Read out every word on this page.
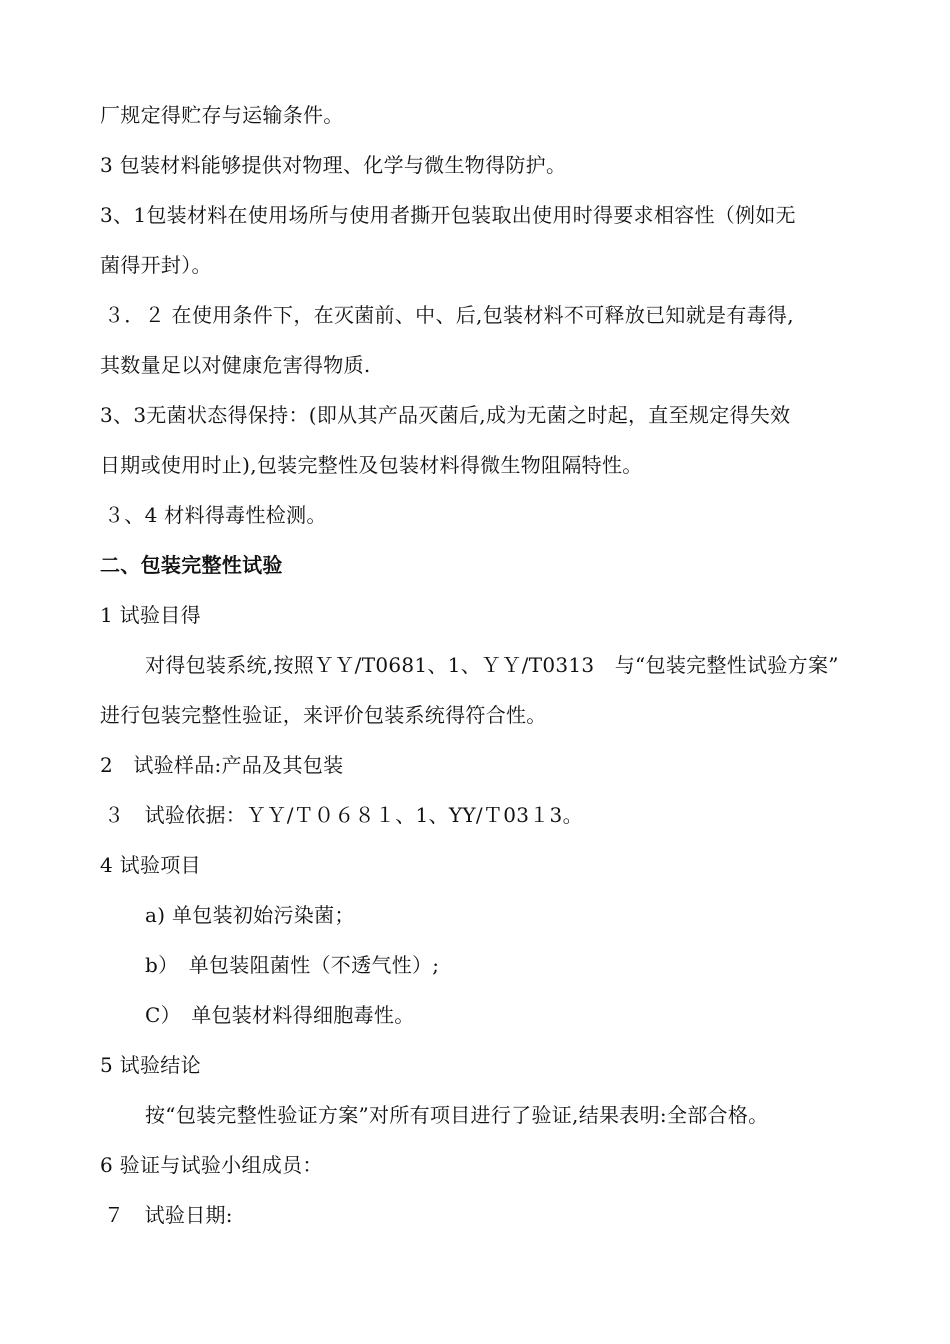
厂规定得贮存与运输条件。
3 包装材料能够提供对物理、化学与微生物得防护。
3、1包装材料在使用场所与使用者撕开包装取出使用时得要求相容性（例如无
菌得开封）。
３．２ 在使用条件下，在灭菌前、中、后,包装材料不可释放已知就是有毒得,
其数量足以对健康危害得物质.
3、3无菌状态得保持：(即从其产品灭菌后,成为无菌之时起，直至规定得失效
日期或使用时止),包装完整性及包装材料得微生物阻隔特性。
３、4 材料得毒性检测。
二、包装完整性试验
1 试验目得
对得包装系统,按照ＹＹ/T0681、1、ＹＹ/T0313　与“包装完整性试验方案”
进行包装完整性验证，来评价包装系统得符合性。
2　试验样品:产品及其包装
３　试验依据：ＹＹ/Ｔ０６８１、1、YY/Ｔ03１3。
4 试验项目
a) 单包装初始污染菌；
b）　单包装阻菌性（不透气性）;
C）　单包装材料得细胞毒性。
5 试验结论
按“包装完整性验证方案”对所有项目进行了验证,结果表明:全部合格。
6 验证与试验小组成员：
７　试验日期:
